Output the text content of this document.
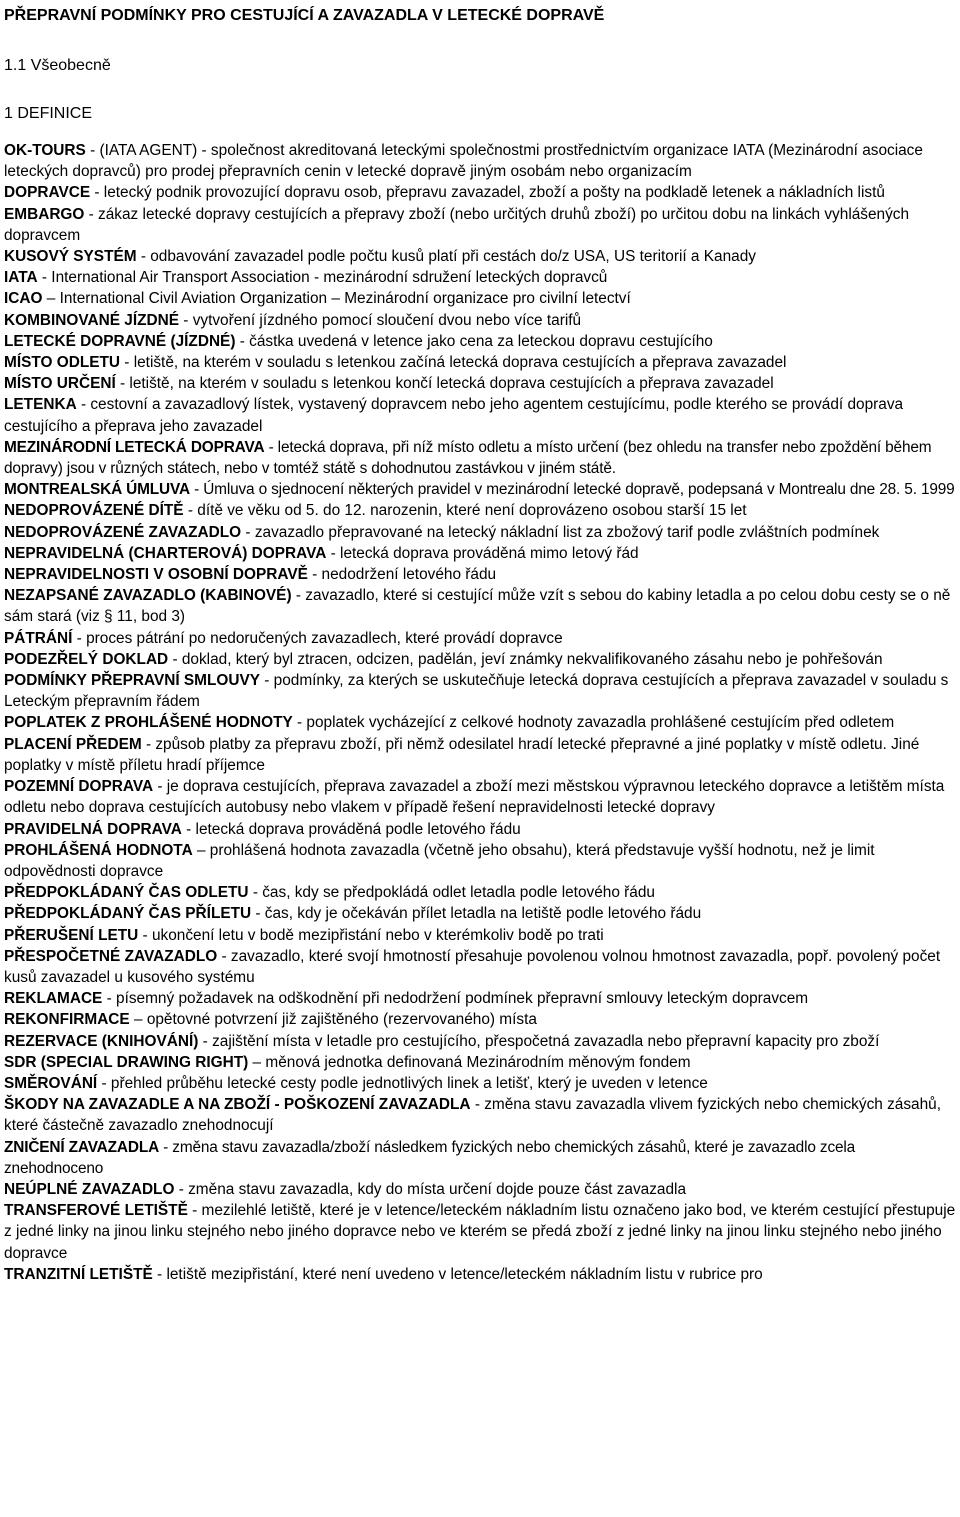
PŘEPRAVNÍ PODMÍNKY PRO CESTUJÍCÍ A ZAVAZADLA V LETECKÉ DOPRAVĚ

1.1 Všeobecně

1 DEFINICE

OK-TOURS - (IATA AGENT) - společnost akreditovaná leteckými společnostmi prostřednictvím organizace IATA (Mezinárodní asociace leteckých dopravců) pro prodej přepravních cenin v letecké dopravě jiným osobám nebo organizacím

DOPRAVCE - letecký podnik provozující dopravu osob, přepravu zavazadel, zboží a pošty na podkladě letenek a nákladních listů

EMBARGO - zákaz letecké dopravy cestujících a přepravy zboží (nebo určitých druhů zboží) po určitou dobu na linkách vyhlášených dopravcem

KUSOVÝ SYSTÉM - odbavování zavazadel podle počtu kusů platí při cestách do/z USA, US teritorií a Kanady

IATA - International Air Transport Association - mezinárodní sdružení leteckých dopravců

ICAO – International Civil Aviation Organization – Mezinárodní organizace pro civilní letectví

KOMBINOVANÉ JÍZDNÉ - vytvoření jízdného pomocí sloučení dvou nebo více tarifů

LETECKÉ DOPRAVNÉ (JÍZDNÉ) - částka uvedená v letence jako cena za leteckou dopravu cestujícího

MÍSTO ODLETU - letiště, na kterém v souladu s letenkou začíná letecká doprava cestujících a přeprava zavazadel

MÍSTO URČENÍ - letiště, na kterém v souladu s letenkou končí letecká doprava cestujících a přeprava zavazadel

LETENKA - cestovní a zavazadlový lístek, vystavený dopravcem nebo jeho agentem cestujícímu, podle kterého se provádí doprava cestujícího a přeprava jeho zavazadel

MEZINÁRODNÍ LETECKÁ DOPRAVA - letecká doprava, při níž místo odletu a místo určení (bez ohledu na transfer nebo zpoždění během dopravy) jsou v různých státech, nebo v tomtéž státě s dohodnutou zastávkou v jiném státě.

MONTREALSKÁ ÚMLUVA - Úmluva o sjednocení některých pravidel v mezinárodní letecké dopravě, podepsaná v Montrealu dne 28. 5. 1999

NEDOPROVÁZENÉ DÍTĚ - dítě ve věku od 5. do 12. narozenin, které není doprovázeno osobou starší 15 let

NEDOPROVÁZENÉ ZAVAZADLO - zavazadlo přepravované na letecký nákladní list za zbožový tarif podle zvláštních podmínek

NEPRAVIDELNÁ (CHARTEROVÁ) DOPRAVA - letecká doprava prováděná mimo letový řád

NEPRAVIDELNOSTI V OSOBNÍ DOPRAVĚ - nedodržení letového řádu

NEZAPSANÉ ZAVAZADLO (KABINOVÉ) - zavazadlo, které si cestující může vzít s sebou do kabiny letadla a po celou dobu cesty se o ně sám stará (viz § 11, bod 3)

PÁTRÁNÍ - proces pátrání po nedoručených zavazadlech, které provádí dopravce

PODEZŘELÝ DOKLAD - doklad, který byl ztracen, odcizen, padělán, jeví známky nekvalifikovaného zásahu nebo je pohřešován

PODMÍNKY PŘEPRAVNÍ SMLOUVY - podmínky, za kterých se uskutečňuje letecká doprava cestujících a přeprava zavazadel v souladu s Leteckým přepravním řádem

POPLATEK Z PROHLÁŠENÉ HODNOTY - poplatek vycházející z celkové hodnoty zavazadla prohlášené cestujícím před odletem

PLACENÍ PŘEDEM - způsob platby za přepravu zboží, při němž odesilatel hradí letecké přepravné a jiné poplatky v místě odletu. Jiné poplatky v místě příletu hradí příjemce

POZEMNÍ DOPRAVA - je doprava cestujících, přeprava zavazadel a zboží mezi městskou výpravnou leteckého dopravce a letištěm místa odletu nebo doprava cestujících autobusy nebo vlakem v případě řešení nepravidelnosti letecké dopravy

PRAVIDELNÁ DOPRAVA - letecká doprava prováděná podle letového řádu

PROHLÁŠENÁ HODNOTA – prohlášená hodnota zavazadla (včetně jeho obsahu), která představuje vyšší hodnotu, než je limit odpovědnosti dopravce

PŘEDPOKLÁDANÝ ČAS ODLETU - čas, kdy se předpokládá odlet letadla podle letového řádu

PŘEDPOKLÁDANÝ ČAS PŘÍLETU - čas, kdy je očekáván přílet letadla na letiště podle letového řádu

PŘERUŠENÍ LETU - ukončení letu v bodě mezipřistání nebo v kterémkoliv bodě po trati

PŘESPOČETNÉ ZAVAZADLO - zavazadlo, které svojí hmotností přesahuje povolenou volnou hmotnost zavazadla, popř. povolený počet kusů zavazadel u kusového systému

REKLAMACE - písemný požadavek na odškodnění při nedodržení podmínek přepravní smlouvy leteckým dopravcem

REKONFIRMACE – opětovné potvrzení již zajištěného (rezervovaného) místa

REZERVACE (KNIHOVÁNÍ) - zajištění místa v letadle pro cestujícího, přespočetná zavazadla nebo přepravní kapacity pro zboží

SDR (SPECIAL DRAWING RIGHT) – měnová jednotka definovaná Mezinárodním měnovým fondem

SMĚROVÁNÍ - přehled průběhu letecké cesty podle jednotlivých linek a letišť, který je uveden v letence

ŠKODY NA ZAVAZADLE A NA ZBOŽÍ - POŠKOZENÍ ZAVAZADLA - změna stavu zavazadla vlivem fyzických nebo chemických zásahů, které částečně zavazadlo znehodnocují

ZNIČENÍ ZAVAZADLA - změna stavu zavazadla/zboží následkem fyzických nebo chemických zásahů, které je zavazadlo zcela znehodnoceno

NEÚPLNÉ ZAVAZADLO - změna stavu zavazadla, kdy do místa určení dojde pouze část zavazadla

TRANSFEROVÉ LETIŠTĚ - mezilehlé letiště, které je v letence/leteckém nákladním listu označeno jako bod, ve kterém cestující přestupuje z jedné linky na jinou linku stejného nebo jiného dopravce nebo ve kterém se předá zboží z jedné linky na jinou linku stejného nebo jiného dopravce

TRANZITNÍ LETIŠTĚ - letiště mezipřistání, které není uvedeno v letence/leteckém nákladním listu v rubrice pro
